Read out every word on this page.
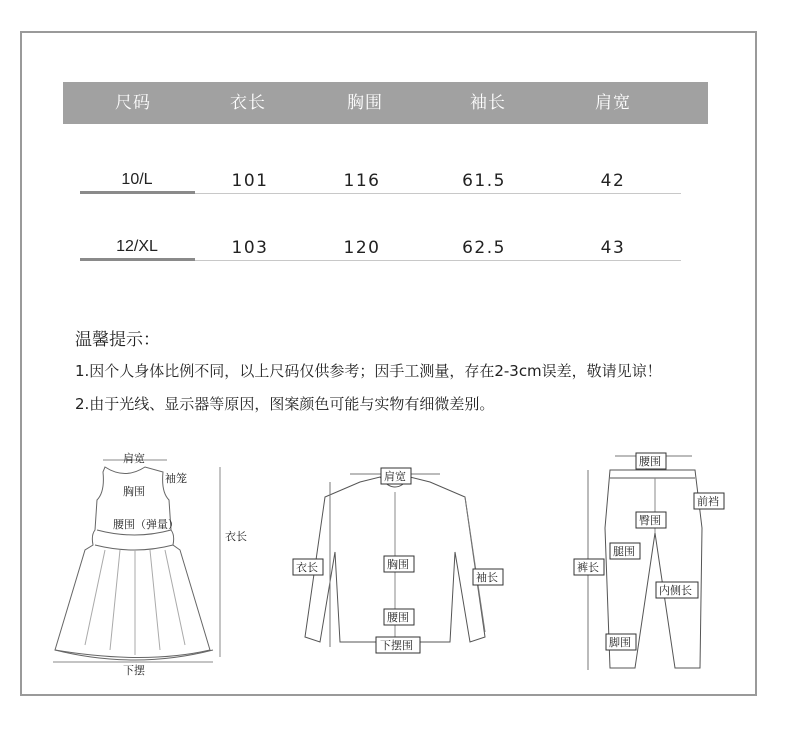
尺码	衣长	胸围	袖长	肩宽
10/L	101	116	61.5	42
12/XL	103	120	62.5	43
温馨提示：
1.因个人身体比例不同，以上尺码仅供参考；因手工测量，存在2-3cm误差，敬请见谅！
2.由于光线、显示器等原因，图案颜色可能与实物有细微差别。
肩宽
袖笼
胸围
腰围（弹量）
衣长
下摆
肩宽
衣长	胸围
袖长
腰围
下摆围
腰围
前裆
臀围
腿围
裤长
内侧长
脚围
